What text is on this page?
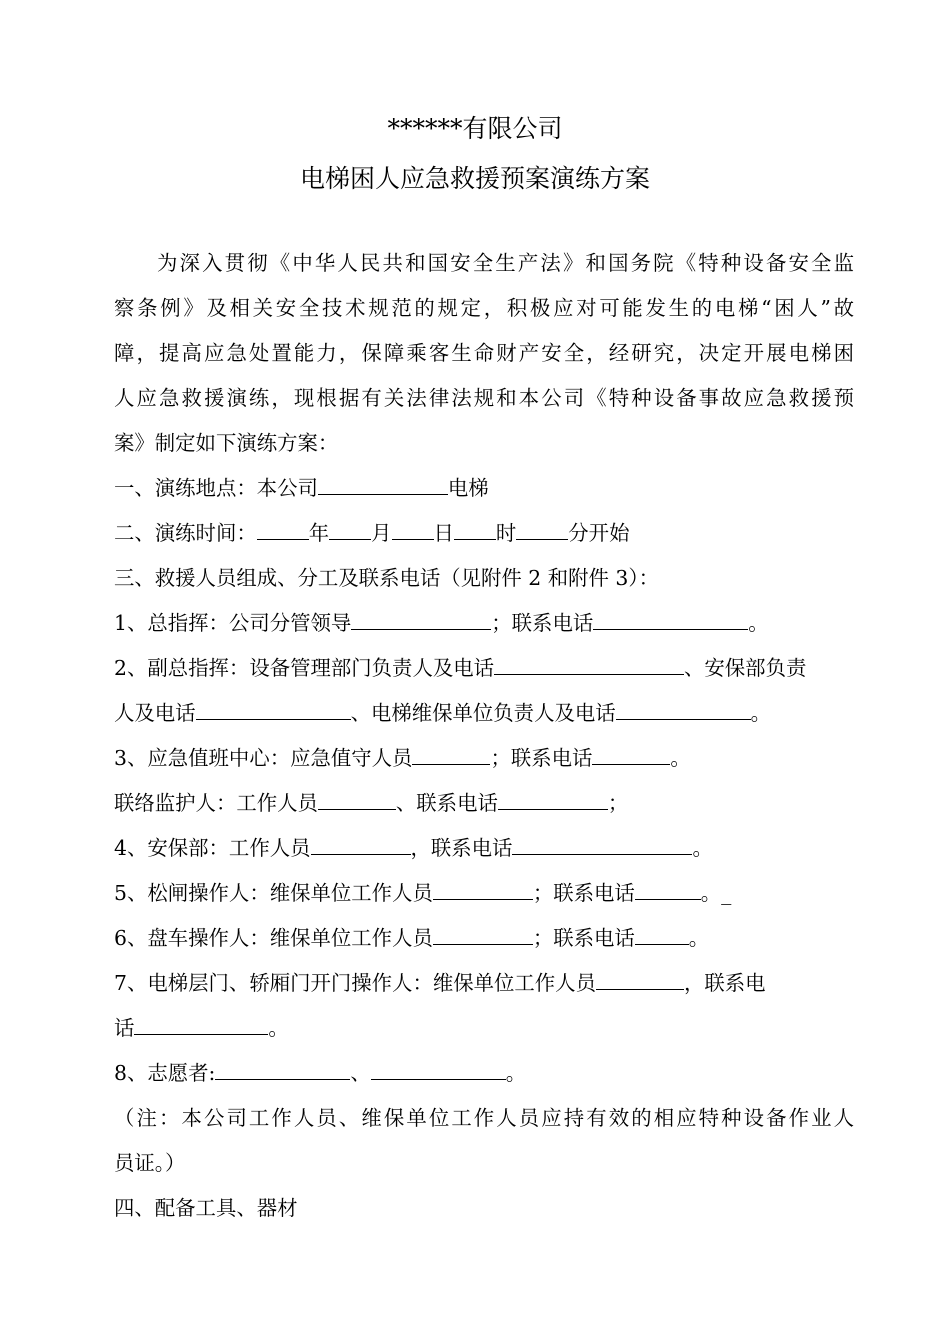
******有限公司
电梯困人应急救援预案演练方案
为深入贯彻《中华人民共和国安全生产法》和国务院《特种设备安全监
察条例》及相关安全技术规范的规定，积极应对可能发生的电梯“困人”故
障，提高应急处置能力，保障乘客生命财产安全，经研究，决定开展电梯困
人应急救援演练，现根据有关法律法规和本公司《特种设备事故应急救援预
案》制定如下演练方案：
一、演练地点：本公司	电梯
二、演练时间：	年 月 日 时	分开始
三、救援人员组成、分工及联系电话（见附件 2 和附件 3）：
1、总指挥：公司分管领导	；联系电话	。
2、副总指挥：设备管理部门负责人及电话	、安保部负责
人及电话	、电梯维保单位负责人及电话	。
3、应急值班中心：应急值守人员	；联系电话	。
联络监护人：工作人员	、联系电话	；
4、安保部：工作人员	，联系电话	。
5、松闸操作人：维保单位工作人员	；联系电话	。_
6、盘车操作人：维保单位工作人员	；联系电话	。
7、电梯层门、轿厢门开门操作人：维保单位工作人员	，联系电
话	。
8、志愿者:	、	。
（注：本公司工作人员、维保单位工作人员应持有效的相应特种设备作业人
员证。）
四、配备工具、器材
